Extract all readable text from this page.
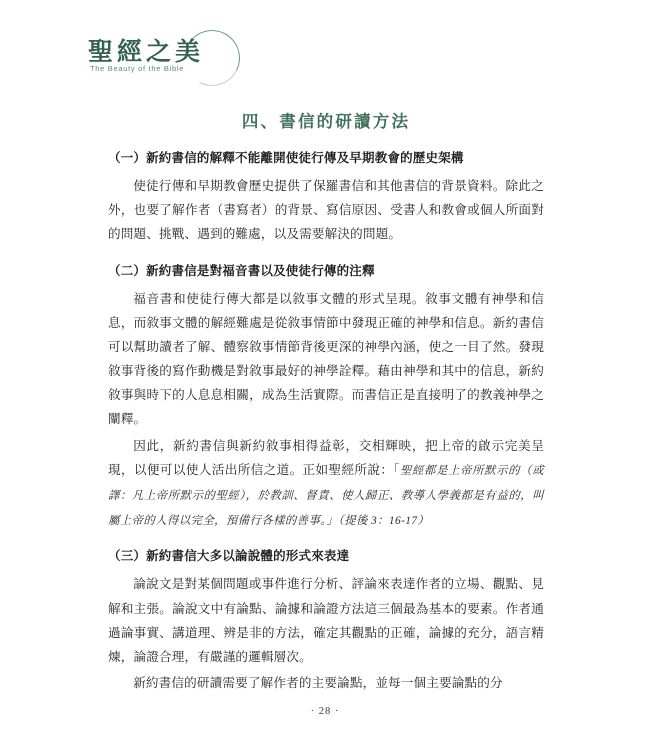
聖經之美
The Beauty of the Bible
四、書信的研讀方法
（一）新約書信的解釋不能離開使徒行傳及早期教會的歷史架構

使徒行傳和早期教會歷史提供了保羅書信和其他書信的背景資料。除此之外，也要了解作者（書寫者）的背景、寫信原因、受書人和教會或個人所面對的問題、挑戰、遇到的難處，以及需要解決的問題。

（二）新約書信是對福音書以及使徒行傳的注釋

福音書和使徒行傳大都是以敘事文體的形式呈現。敘事文體有神學和信息，而敘事文體的解經難處是從敘事情節中發現正確的神學和信息。新約書信可以幫助讀者了解、體察敘事情節背後更深的神學內涵，使之一目了然。發現敘事背後的寫作動機是對敘事最好的神學詮釋。藉由神學和其中的信息，新約敘事與時下的人息息相關，成為生活實際。而書信正是直接明了的教義神學之闡釋。

因此，新約書信與新約敘事相得益彰，交相輝映，把上帝的啟示完美呈現，以便可以使人活出所信之道。正如聖經所說：「聖經都是上帝所默示的（或譯：凡上帝所默示的聖經），於教訓、督責、使人歸正、教導人學義都是有益的，叫屬上帝的人得以完全，預備行各樣的善事。」（提後 3：16-17）

（三）新約書信大多以論說體的形式來表達

論說文是對某個問題或事件進行分析、評論來表達作者的立場、觀點、見解和主張。論說文中有論點、論據和論證方法這三個最為基本的要素。作者通過論事實、講道理、辨是非的方法，確定其觀點的正確，論據的充分，語言精煉，論證合理，有嚴謹的邏輯層次。

新約書信的研讀需要了解作者的主要論點，並每一個主要論點的分

· 28 ·
